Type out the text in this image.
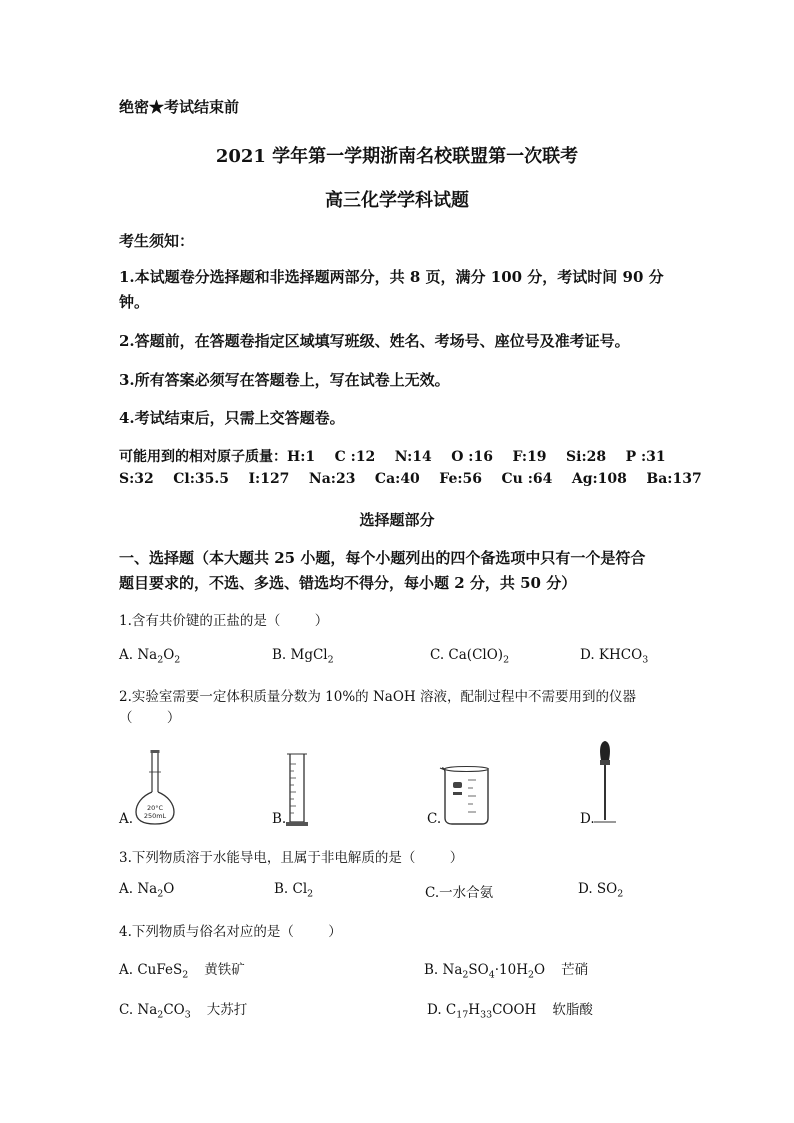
绝密★考试结束前
2021 学年第一学期浙南名校联盟第一次联考
高三化学学科试题
考生须知：
1.本试题卷分选择题和非选择题两部分，共 8 页，满分 100 分，考试时间 90 分
钟。
2.答题前，在答题卷指定区域填写班级、姓名、考场号、座位号及准考证号。
3.所有答案必须写在答题卷上，写在试卷上无效。
4.考试结束后，只需上交答题卷。
可能用到的相对原子质量：H:1    C :12    N:14    O :16    F:19    Si:28    P :31
S:32    Cl:35.5    I:127    Na:23    Ca:40    Fe:56    Cu :64    Ag:108    Ba:137
选择题部分
一、选择题（本大题共 25 小题，每个小题列出的四个备选项中只有一个是符合
题目要求的，不选、多选、错选均不得分，每小题 2 分，共 50 分）
1.含有共价键的正盐的是（        ）
A. $Na_2O_2$	B. MgCl$_2$	C. $Ca(ClO)_2$	D. $KHCO_3$
2.实验室需要一定体积质量分数为 10%的 NaOH 溶液，配制过程中不需要用到的仪器
（        ）
A.
20°C
250mL	B.	C.	D.
3.下列物质溶于水能导电，且属于非电解质的是（        ）
A. $Na_2O$	B. $Cl_2$	C.一水合氨	D. $SO_2$
4.下列物质与俗名对应的是（        ）
A. CuFeS$_2$ 黄铁矿	B. $Na_2SO_4\cdot 10H_2O$ 芒硝
C. $Na_2CO_3$ 大苏打	D. $C_{17}H_{33}COOH$ 软脂酸
